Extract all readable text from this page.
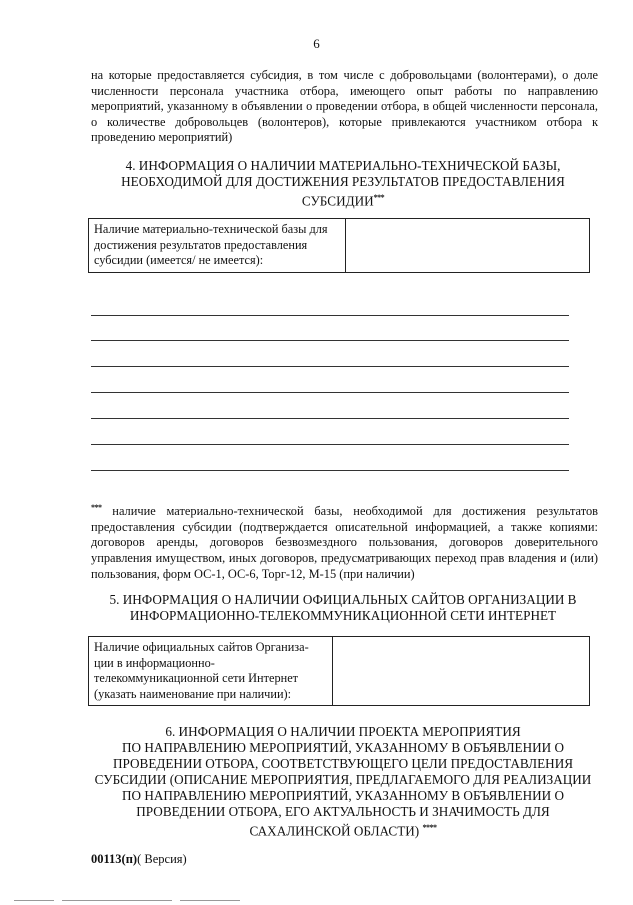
6
на которые предоставляется субсидия, в том числе с добровольцами (волонтерами), о доле численности персонала участника отбора, имеющего опыт работы по направлению мероприятий, указанному в объявлении о проведении отбора, в общей численности персонала, о количестве добровольцев (волонтеров), которые привлекаются участником отбора к проведению мероприятий)
4. ИНФОРМАЦИЯ О НАЛИЧИИ МАТЕРИАЛЬНО-ТЕХНИЧЕСКОЙ БАЗЫ,
НЕОБХОДИМОЙ ДЛЯ ДОСТИЖЕНИЯ РЕЗУЛЬТАТОВ ПРЕДОСТАВЛЕНИЯ
СУБСИДИИ***
Наличие материально-технической базы для достижения результатов предоставления субсидии (имеется/ не имеется):	
*** наличие материально-технической базы, необходимой для достижения результатов предоставления субсидии (подтверждается описательной информацией, а также копиями: договоров аренды, договоров безвозмездного пользования, договоров доверительного управления имуществом, иных договоров, предусматривающих переход прав владения и (или) пользования, форм ОС-1, ОС-6, Торг-12, М-15 (при наличии)
5. ИНФОРМАЦИЯ О НАЛИЧИИ ОФИЦИАЛЬНЫХ САЙТОВ ОРГАНИЗАЦИИ В
ИНФОРМАЦИОННО-ТЕЛЕКОММУНИКАЦИОННОЙ СЕТИ ИНТЕРНЕТ
Наличие официальных сайтов Организа-
ции в информационно-
телекоммуникационной сети Интернет
(указать наименование при наличии):

6. ИНФОРМАЦИЯ О НАЛИЧИИ ПРОЕКТА МЕРОПРИЯТИЯ
ПО НАПРАВЛЕНИЮ МЕРОПРИЯТИЙ, УКАЗАННОМУ В ОБЪЯВЛЕНИИ О
ПРОВЕДЕНИИ ОТБОРА, СООТВЕТСТВУЮЩЕГО ЦЕЛИ ПРЕДОСТАВЛЕНИЯ
СУБСИДИИ (ОПИСАНИЕ МЕРОПРИЯТИЯ, ПРЕДЛАГАЕМОГО ДЛЯ РЕАЛИЗАЦИИ
ПО НАПРАВЛЕНИЮ МЕРОПРИЯТИЙ, УКАЗАННОМУ В ОБЪЯВЛЕНИИ О
ПРОВЕДЕНИИ ОТБОРА, ЕГО АКТУАЛЬНОСТЬ И ЗНАЧИМОСТЬ ДЛЯ
САХАЛИНСКОЙ ОБЛАСТИ) ****
00113(п)( Версия)
